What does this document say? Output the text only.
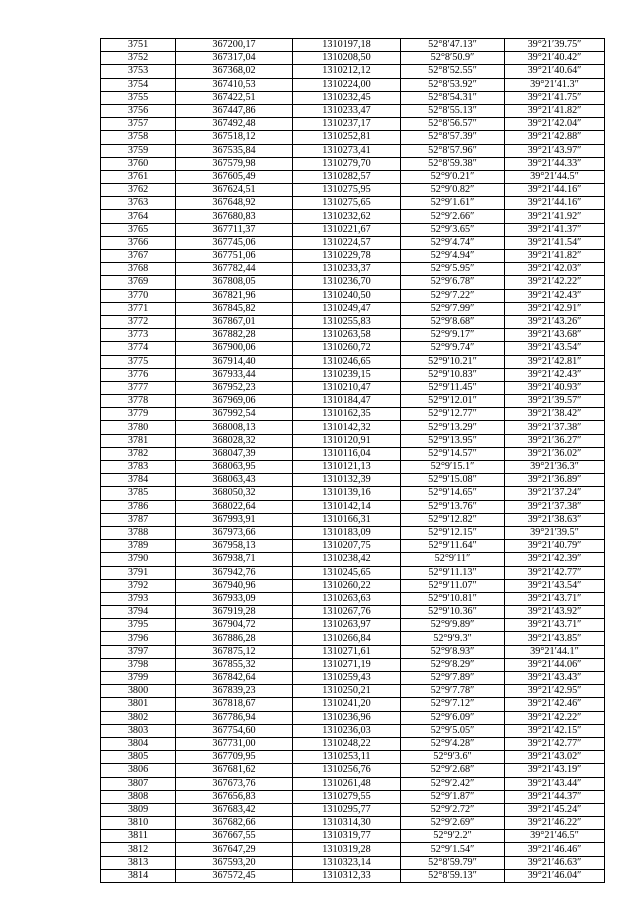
3751	367200,17	1310197,18	52°8′47.13″	39°21′39.75″
3752	367317,04	1310208,50	52°8′50.9″	39°21′40.42″
3753	367368,02	1310212,12	52°8′52.55″	39°21′40.64″
3754	367410,53	1310224,00	52°8′53.92″	39°21′41.3″
3755	367422,51	1310232,45	52°8′54.31″	39°21′41.75″
3756	367447,86	1310233,47	52°8′55.13″	39°21′41.82″
3757	367492,48	1310237,17	52°8′56.57″	39°21′42.04″
3758	367518,12	1310252,81	52°8′57.39″	39°21′42.88″
3759	367535,84	1310273,41	52°8′57.96″	39°21′43.97″
3760	367579,98	1310279,70	52°8′59.38″	39°21′44.33″
3761	367605,49	1310282,57	52°9′0.21″	39°21′44.5″
3762	367624,51	1310275,95	52°9′0.82″	39°21′44.16″
3763	367648,92	1310275,65	52°9′1.61″	39°21′44.16″
3764	367680,83	1310232,62	52°9′2.66″	39°21′41.92″
3765	367711,37	1310221,67	52°9′3.65″	39°21′41.37″
3766	367745,06	1310224,57	52°9′4.74″	39°21′41.54″
3767	367751,06	1310229,78	52°9′4.94″	39°21′41.82″
3768	367782,44	1310233,37	52°9′5.95″	39°21′42.03″
3769	367808,05	1310236,70	52°9′6.78″	39°21′42.22″
3770	367821,96	1310240,50	52°9′7.22″	39°21′42.43″
3771	367845,82	1310249,47	52°9′7.99″	39°21′42.91″
3772	367867,01	1310255,83	52°9′8.68″	39°21′43.26″
3773	367882,28	1310263,58	52°9′9.17″	39°21′43.68″
3774	367900,06	1310260,72	52°9′9.74″	39°21′43.54″
3775	367914,40	1310246,65	52°9′10.21″	39°21′42.81″
3776	367933,44	1310239,15	52°9′10.83″	39°21′42.43″
3777	367952,23	1310210,47	52°9′11.45″	39°21′40.93″
3778	367969,06	1310184,47	52°9′12.01″	39°21′39.57″
3779	367992,54	1310162,35	52°9′12.77″	39°21′38.42″
3780	368008,13	1310142,32	52°9′13.29″	39°21′37.38″
3781	368028,32	1310120,91	52°9′13.95″	39°21′36.27″
3782	368047,39	1310116,04	52°9′14.57″	39°21′36.02″
3783	368063,95	1310121,13	52°9′15.1″	39°21′36.3″
3784	368063,43	1310132,39	52°9′15.08″	39°21′36.89″
3785	368050,32	1310139,16	52°9′14.65″	39°21′37.24″
3786	368022,64	1310142,14	52°9′13.76″	39°21′37.38″
3787	367993,91	1310166,31	52°9′12.82″	39°21′38.63″
3788	367973,66	1310183,09	52°9′12.15″	39°21′39.5″
3789	367958,13	1310207,75	52°9′11.64″	39°21′40.79″
3790	367938,71	1310238,42	52°9′11″	39°21′42.39″
3791	367942,76	1310245,65	52°9′11.13″	39°21′42.77″
3792	367940,96	1310260,22	52°9′11.07″	39°21′43.54″
3793	367933,09	1310263,63	52°9′10.81″	39°21′43.71″
3794	367919,28	1310267,76	52°9′10.36″	39°21′43.92″
3795	367904,72	1310263,97	52°9′9.89″	39°21′43.71″
3796	367886,28	1310266,84	52°9′9.3″	39°21′43.85″
3797	367875,12	1310271,61	52°9′8.93″	39°21′44.1″
3798	367855,32	1310271,19	52°9′8.29″	39°21′44.06″
3799	367842,64	1310259,43	52°9′7.89″	39°21′43.43″
3800	367839,23	1310250,21	52°9′7.78″	39°21′42.95″
3801	367818,67	1310241,20	52°9′7.12″	39°21′42.46″
3802	367786,94	1310236,96	52°9′6.09″	39°21′42.22″
3803	367754,60	1310236,03	52°9′5.05″	39°21′42.15″
3804	367731,00	1310248,22	52°9′4.28″	39°21′42.77″
3805	367709,95	1310253,11	52°9′3.6″	39°21′43.02″
3806	367681,62	1310256,76	52°9′2.68″	39°21′43.19″
3807	367673,76	1310261,48	52°9′2.42″	39°21′43.44″
3808	367656,83	1310279,55	52°9′1.87″	39°21′44.37″
3809	367683,42	1310295,77	52°9′2.72″	39°21′45.24″
3810	367682,66	1310314,30	52°9′2.69″	39°21′46.22″
3811	367667,55	1310319,77	52°9′2.2″	39°21′46.5″
3812	367647,29	1310319,28	52°9′1.54″	39°21′46.46″
3813	367593,20	1310323,14	52°8′59.79″	39°21′46.63″
3814	367572,45	1310312,33	52°8′59.13″	39°21′46.04″
